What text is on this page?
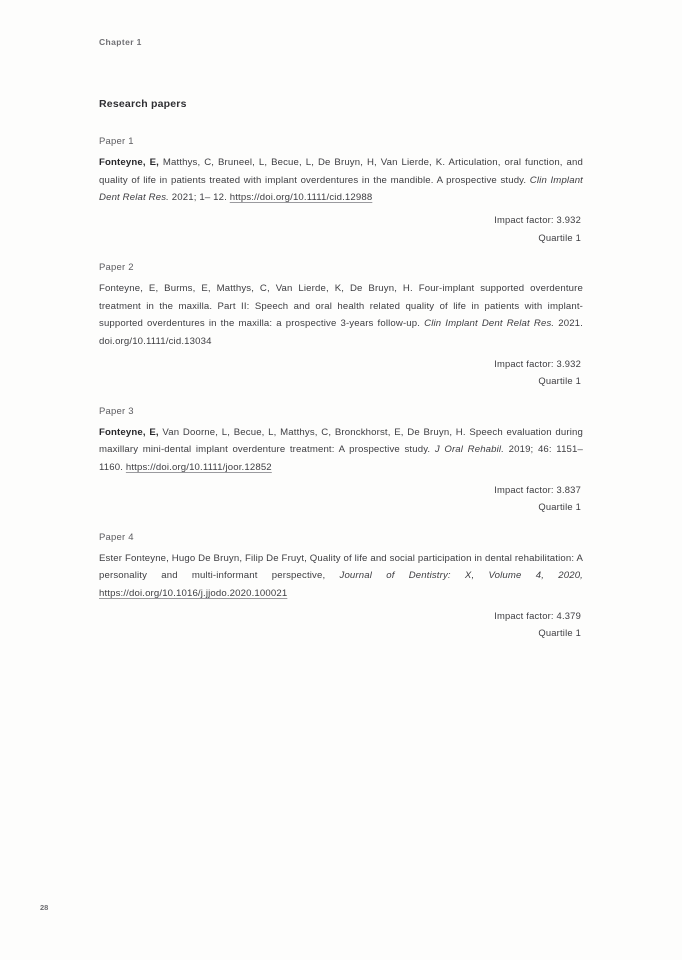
Chapter 1
Research papers
Paper 1

Fonteyne, E, Matthys, C, Bruneel, L, Becue, L, De Bruyn, H, Van Lierde, K. Articulation, oral function, and quality of life in patients treated with implant overdentures in the mandible. A prospective study. Clin Implant Dent Relat Res. 2021; 1– 12. https://doi.org/10.1111/cid.12988

Impact factor: 3.932
Quartile 1
Paper 2

Fonteyne, E, Burms, E, Matthys, C, Van Lierde, K, De Bruyn, H. Four-implant supported overdenture treatment in the maxilla. Part II: Speech and oral health related quality of life in patients with implant-supported overdentures in the maxilla: a prospective 3-years follow-up. Clin Implant Dent Relat Res. 2021. doi.org/10.1111/cid.13034

Impact factor: 3.932
Quartile 1
Paper 3

Fonteyne, E, Van Doorne, L, Becue, L, Matthys, C, Bronckhorst, E, De Bruyn, H. Speech evaluation during maxillary mini-dental implant overdenture treatment: A prospective study. J Oral Rehabil. 2019; 46: 1151– 1160. https://doi.org/10.1111/joor.12852

Impact factor: 3.837
Quartile 1
Paper 4

Ester Fonteyne, Hugo De Bruyn, Filip De Fruyt, Quality of life and social participation in dental rehabilitation: A personality and multi-informant perspective, Journal of Dentistry: X, Volume 4, 2020, https://doi.org/10.1016/j.jjodo.2020.100021

Impact factor: 4.379
Quartile 1
28
